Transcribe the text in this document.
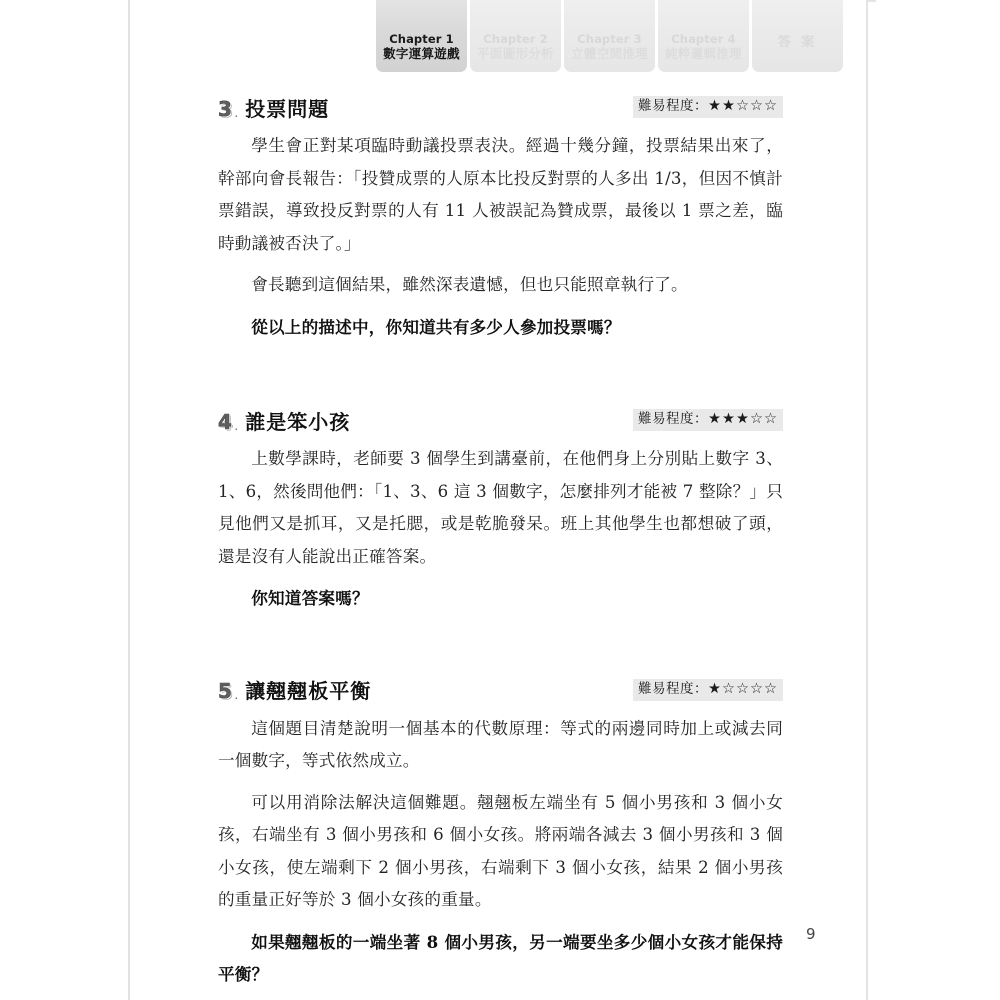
Chapter 1
數字運算遊戲
Chapter 2
平面圖形分析
Chapter 3
立體空間推理
Chapter 4
純粹邏輯推理
答 案
3 . 投票問題	難易程度：★★☆☆☆

學生會正對某項臨時動議投票表決。經過十幾分鐘，投票結果出來了，幹部向會長報告：「投贊成票的人原本比投反對票的人多出 1/3，但因不慎計票錯誤，導致投反對票的人有 11 人被誤記為贊成票，最後以 1 票之差，臨時動議被否決了。」

會長聽到這個結果，雖然深表遺憾，但也只能照章執行了。

從以上的描述中，你知道共有多少人參加投票嗎？

4 . 誰是笨小孩	難易程度：★★★☆☆

上數學課時，老師要 3 個學生到講臺前，在他們身上分別貼上數字 3、1、6，然後問他們：「1、3、6 這 3 個數字，怎麼排列才能被 7 整除？」只見他們又是抓耳，又是托腮，或是乾脆發呆。班上其他學生也都想破了頭，還是沒有人能說出正確答案。

你知道答案嗎？

5 . 讓翹翹板平衡	難易程度：★☆☆☆☆

這個題目清楚說明一個基本的代數原理：等式的兩邊同時加上或減去同一個數字，等式依然成立。

可以用消除法解決這個難題。翹翹板左端坐有 5 個小男孩和 3 個小女孩，右端坐有 3 個小男孩和 6 個小女孩。將兩端各減去 3 個小男孩和 3 個小女孩，使左端剩下 2 個小男孩，右端剩下 3 個小女孩，結果 2 個小男孩的重量正好等於 3 個小女孩的重量。

如果翹翹板的一端坐著 8 個小男孩，另一端要坐多少個小女孩才能保持平衡？

9
